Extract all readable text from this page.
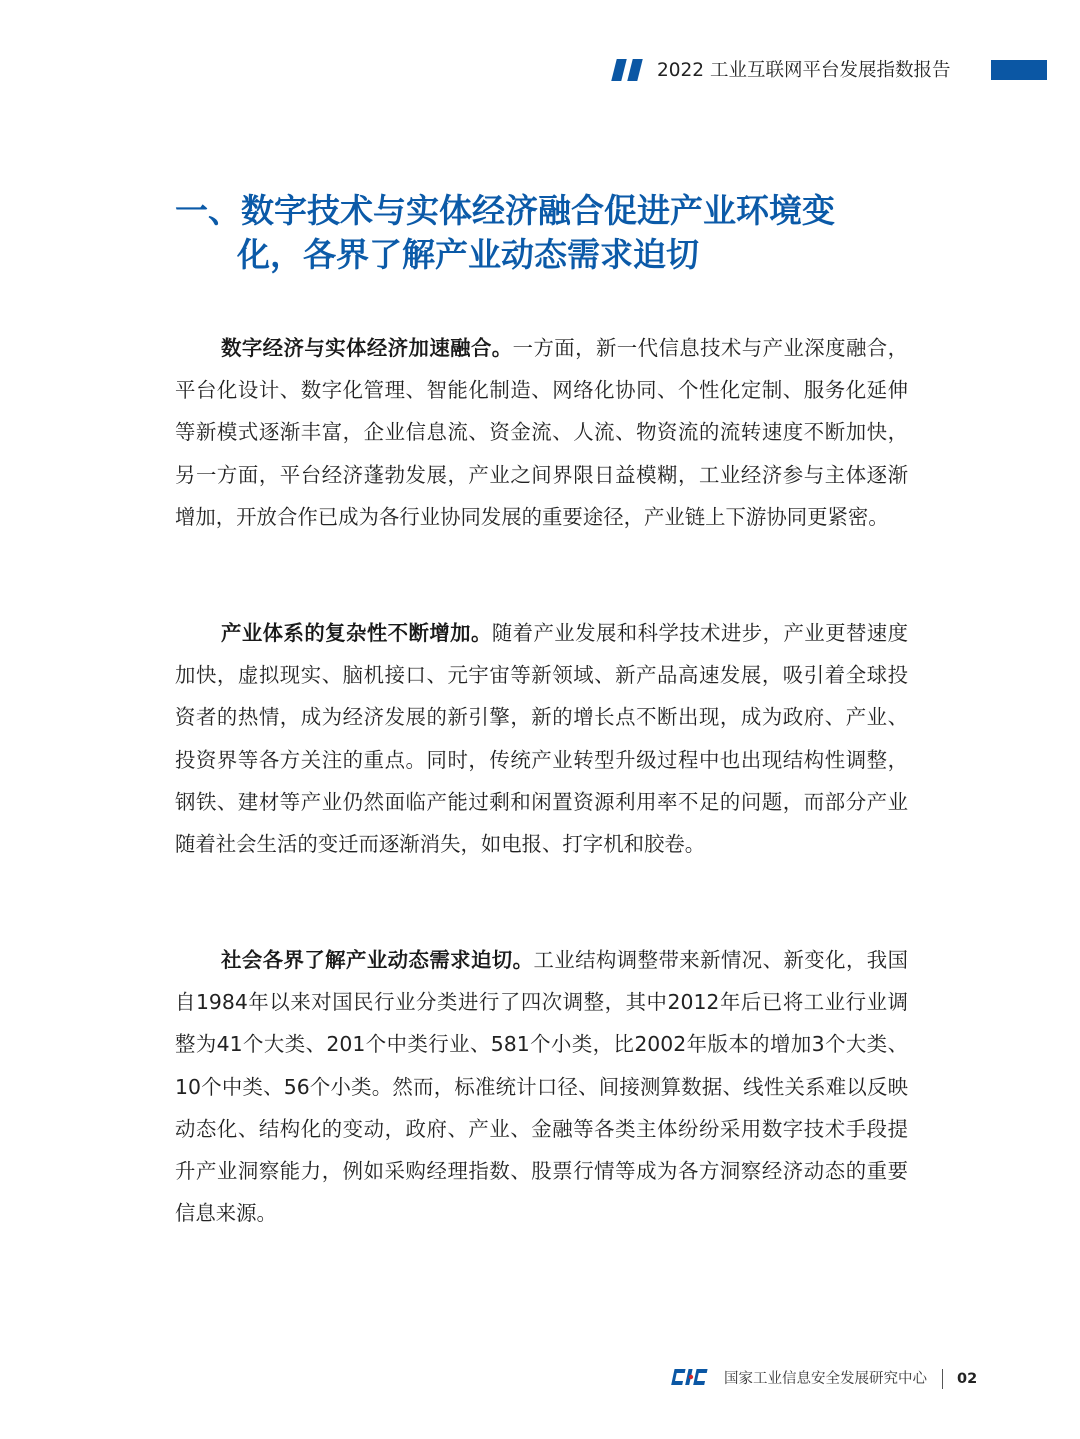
2022 工业互联网平台发展指数报告
一、数字技术与实体经济融合促进产业环境变
化，各界了解产业动态需求迫切

数字经济与实体经济加速融合。一方面，新一代信息技术与产业深度融合，平台化设计、数字化管理、智能化制造、网络化协同、个性化定制、服务化延伸等新模式逐渐丰富，企业信息流、资金流、人流、物资流的流转速度不断加快，另一方面，平台经济蓬勃发展，产业之间界限日益模糊，工业经济参与主体逐渐增加，开放合作已成为各行业协同发展的重要途径，产业链上下游协同更紧密。

产业体系的复杂性不断增加。随着产业发展和科学技术进步，产业更替速度加快，虚拟现实、脑机接口、元宇宙等新领域、新产品高速发展，吸引着全球投资者的热情，成为经济发展的新引擎，新的增长点不断出现，成为政府、产业、投资界等各方关注的重点。同时，传统产业转型升级过程中也出现结构性调整，钢铁、建材等产业仍然面临产能过剩和闲置资源利用率不足的问题，而部分产业随着社会生活的变迁而逐渐消失，如电报、打字机和胶卷。

社会各界了解产业动态需求迫切。工业结构调整带来新情况、新变化，我国自1984年以来对国民行业分类进行了四次调整，其中2012年后已将工业行业调整为41个大类、201个中类行业、581个小类，比2002年版本的增加3个大类、10个中类、56个小类。然而，标准统计口径、间接测算数据、线性关系难以反映动态化、结构化的变动，政府、产业、金融等各类主体纷纷采用数字技术手段提升产业洞察能力，例如采购经理指数、股票行情等成为各方洞察经济动态的重要信息来源。

国家工业信息安全发展研究中心 02
